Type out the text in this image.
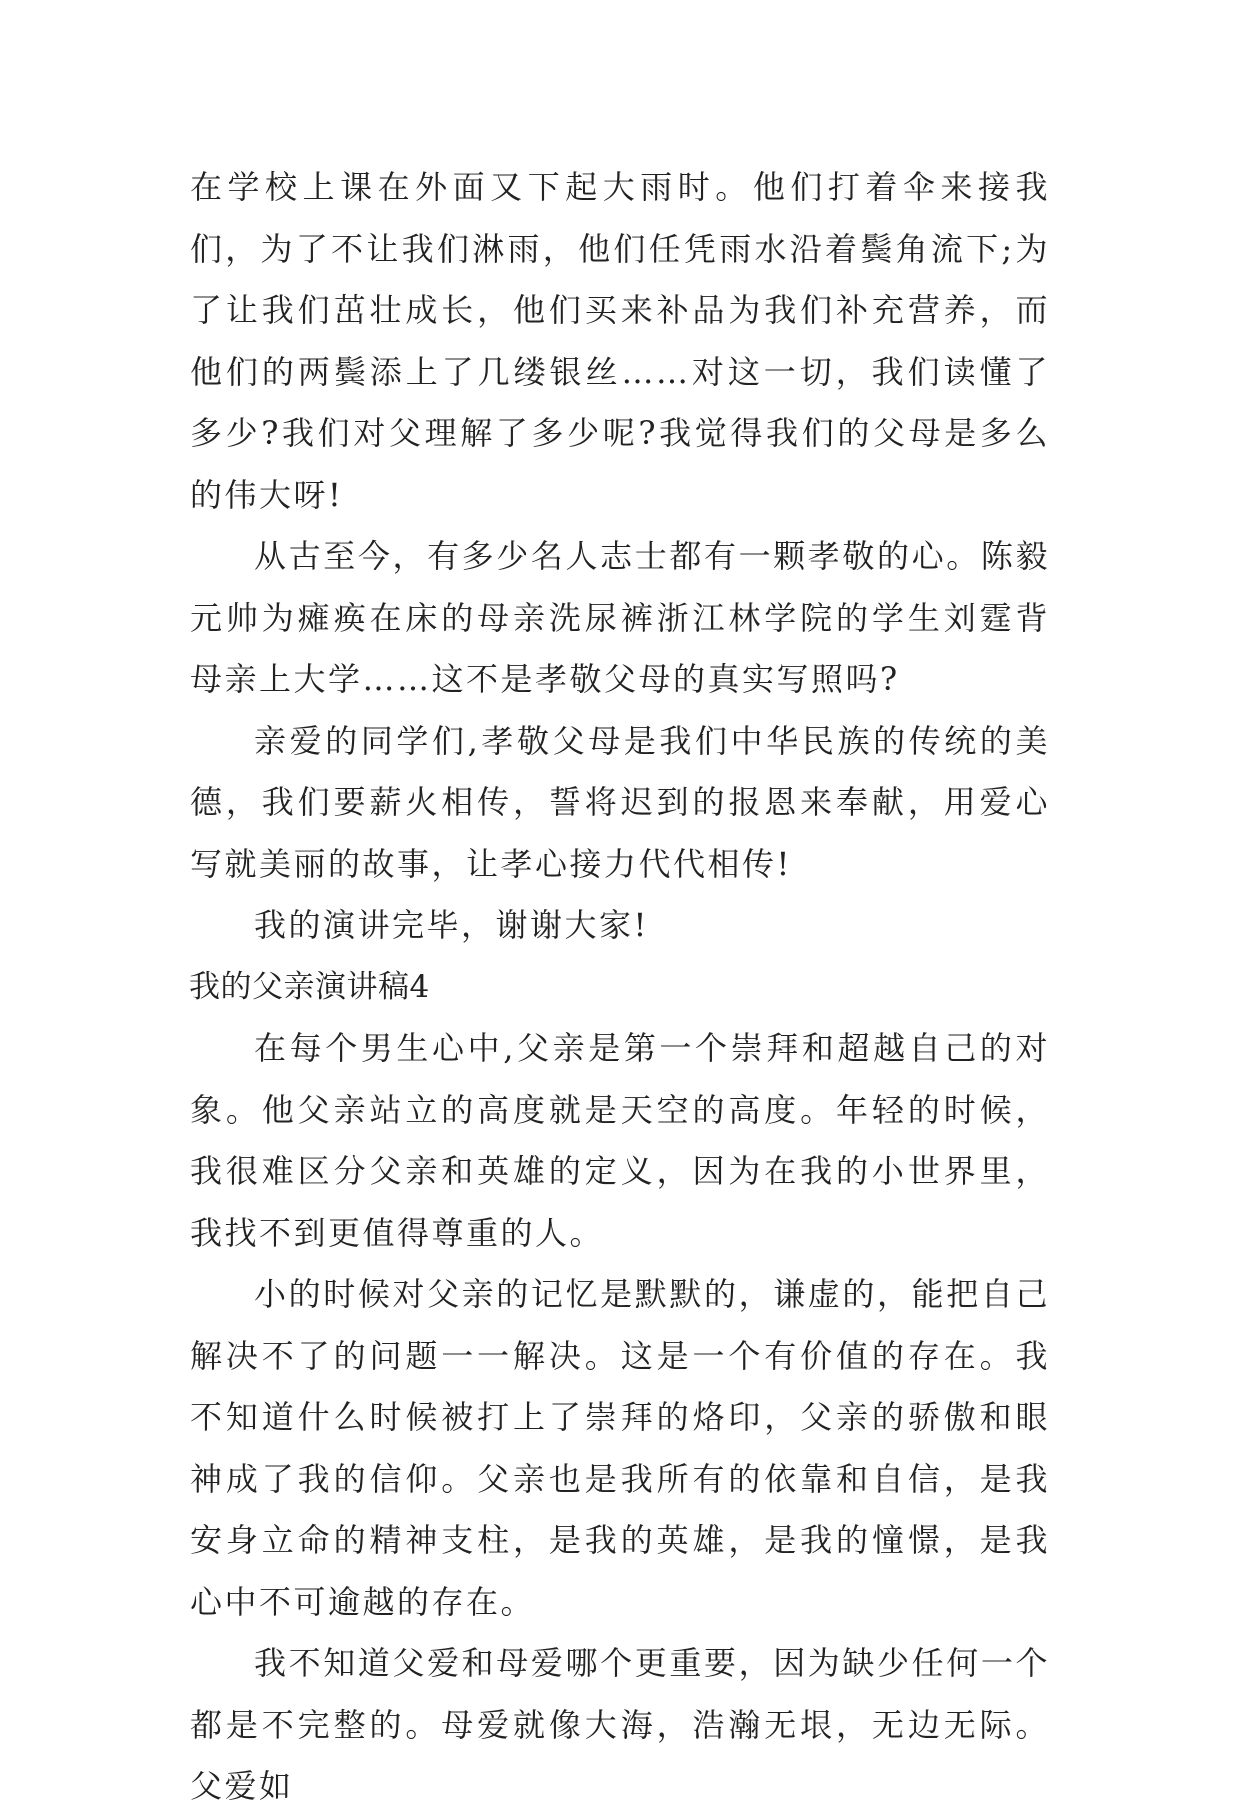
在学校上课在外面又下起大雨时。他们打着伞来接我们，为了不让我们淋雨，他们任凭雨水沿着鬓角流下;为了让我们茁壮成长，他们买来补品为我们补充营养，而他们的两鬓添上了几缕银丝……对这一切，我们读懂了多少?我们对父理解了多少呢?我觉得我们的父母是多么的伟大呀!

从古至今，有多少名人志士都有一颗孝敬的心。陈毅元帅为瘫痪在床的母亲洗尿裤浙江林学院的学生刘霆背母亲上大学……这不是孝敬父母的真实写照吗?

亲爱的同学们,孝敬父母是我们中华民族的传统的美德，我们要薪火相传，誓将迟到的报恩来奉献，用爱心写就美丽的故事，让孝心接力代代相传!

我的演讲完毕，谢谢大家!

我的父亲演讲稿4

在每个男生心中,父亲是第一个崇拜和超越自己的对象。他父亲站立的高度就是天空的高度。年轻的时候，我很难区分父亲和英雄的定义，因为在我的小世界里，我找不到更值得尊重的人。

小的时候对父亲的记忆是默默的，谦虚的，能把自己解决不了的问题一一解决。这是一个有价值的存在。我不知道什么时候被打上了崇拜的烙印，父亲的骄傲和眼神成了我的信仰。父亲也是我所有的依靠和自信，是我安身立命的精神支柱，是我的英雄，是我的憧憬，是我心中不可逾越的存在。

我不知道父爱和母爱哪个更重要，因为缺少任何一个都是不完整的。母爱就像大海，浩瀚无垠，无边无际。父爱如
